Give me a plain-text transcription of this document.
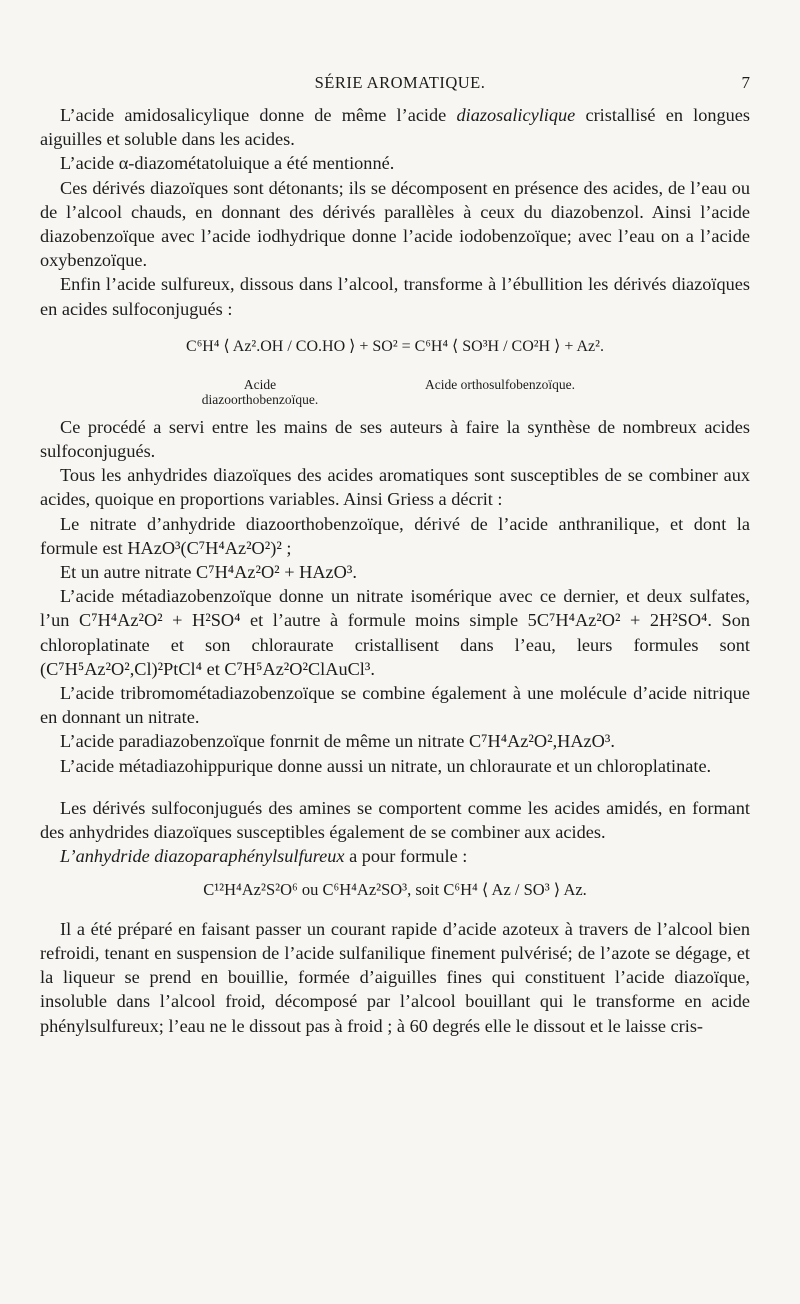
SÉRIE AROMATIQUE.	7

L’acide amidosalicylique donne de même l’acide diazosalicylique cristallisé en longues aiguilles et soluble dans les acides.

L’acide α-diazométatoluique a été mentionné.

Ces dérivés diazoïques sont détonants; ils se décomposent en présence des acides, de l’eau ou de l’alcool chauds, en donnant des dérivés parallèles à ceux du diazobenzol. Ainsi l’acide diazobenzoïque avec l’acide iodhydrique donne l’acide iodobenzoïque; avec l’eau on a l’acide oxybenzoïque.

Enfin l’acide sulfureux, dissous dans l’alcool, transforme à l’ébullition les dérivés diazoïques en acides sulfoconjugués :

C⁶H⁴ ⟨ Az².OH / CO.HO ⟩ + SO² = C⁶H⁴ ⟨ SO³H / CO²H ⟩ + Az².
Acide diazoorthobenzoïque.
Acide orthosulfobenzoïque.

Ce procédé a servi entre les mains de ses auteurs à faire la synthèse de nombreux acides sulfoconjugués.

Tous les anhydrides diazoïques des acides aromatiques sont susceptibles de se combiner aux acides, quoique en proportions variables. Ainsi Griess a décrit :

Le nitrate d’anhydride diazoorthobenzoïque, dérivé de l’acide anthranilique, et dont la formule est HAzO³(C⁷H⁴Az²O²)² ;

Et un autre nitrate C⁷H⁴Az²O² + HAzO³.

L’acide métadiazobenzoïque donne un nitrate isomérique avec ce dernier, et deux sulfates, l’un C⁷H⁴Az²O² + H²SO⁴ et l’autre à formule moins simple 5C⁷H⁴Az²O² + 2H²SO⁴. Son chloroplatinate et son chloraurate cristallisent dans l’eau, leurs formules sont (C⁷H⁵Az²O²,Cl)²PtCl⁴ et C⁷H⁵Az²O²ClAuCl³.

L’acide tribromométadiazobenzoïque se combine également à une molécule d’acide nitrique en donnant un nitrate.

L’acide paradiazobenzoïque fonrnit de même un nitrate C⁷H⁴Az²O²,HAzO³.

L’acide métadiazohippurique donne aussi un nitrate, un chloraurate et un chloroplatinate.

Les dérivés sulfoconjugués des amines se comportent comme les acides amidés, en formant des anhydrides diazoïques susceptibles également de se combiner aux acides.

L’anhydride diazoparaphénylsulfureux a pour formule :

C¹²H⁴Az²S²O⁶ ou C⁶H⁴Az²SO³, soit C⁶H⁴ ⟨ Az / SO³ ⟩ Az.

Il a été préparé en faisant passer un courant rapide d’acide azoteux à travers de l’alcool bien refroidi, tenant en suspension de l’acide sulfanilique finement pulvérisé; de l’azote se dégage, et la liqueur se prend en bouillie, formée d’aiguilles fines qui constituent l’acide diazoïque, insoluble dans l’alcool froid, décomposé par l’alcool bouillant qui le transforme en acide phénylsulfureux; l’eau ne le dissout pas à froid ; à 60 degrés elle le dissout et le laisse cris-
